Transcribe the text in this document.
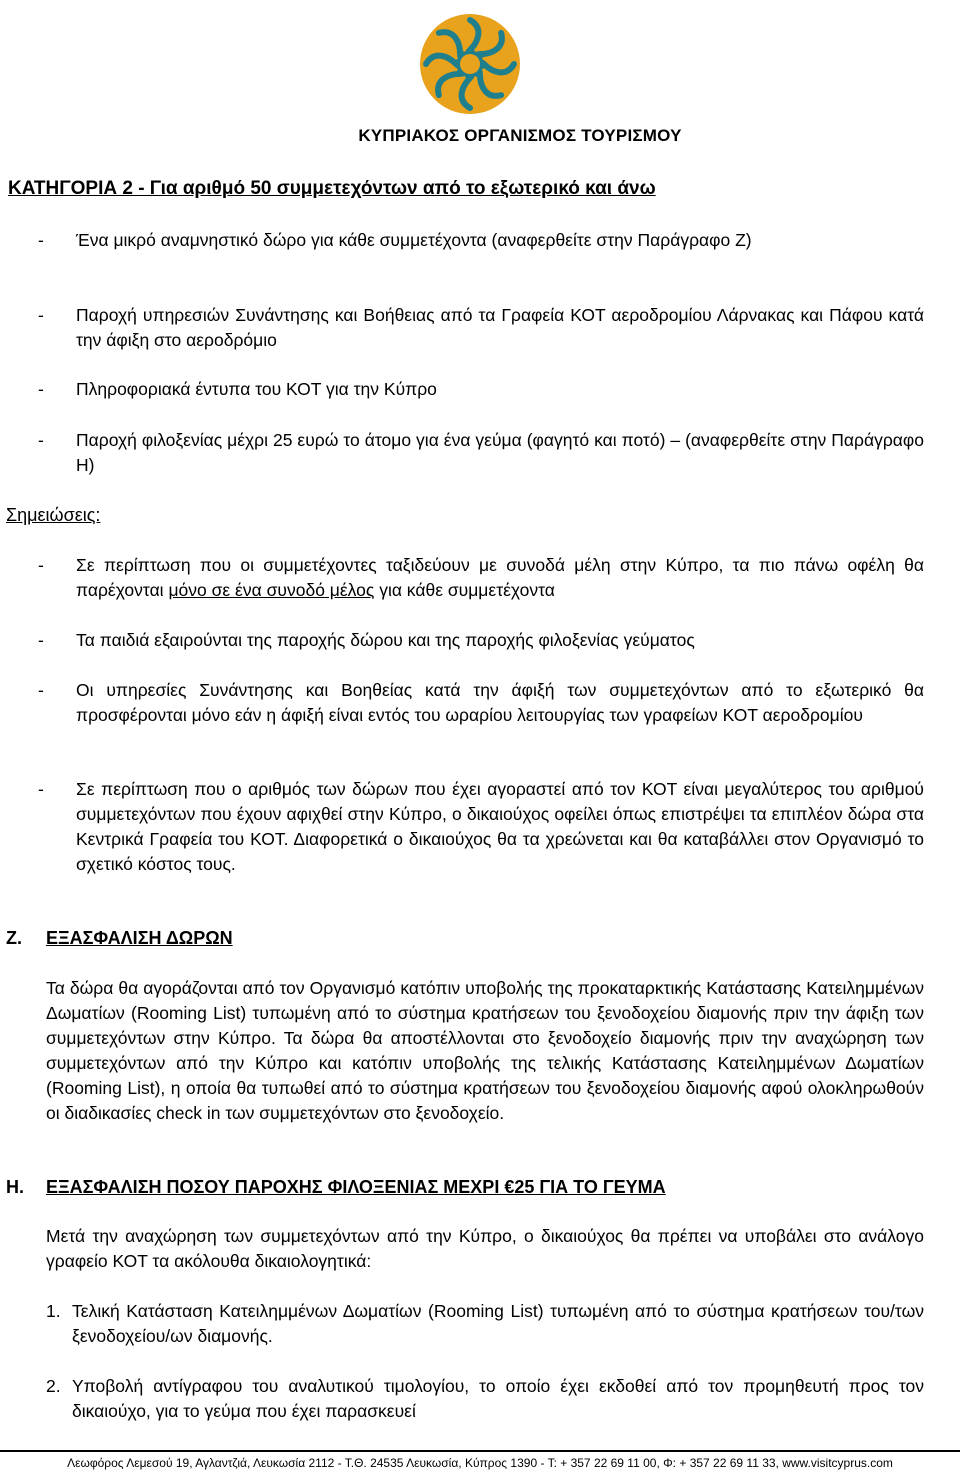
ΚΥΠΡΙΑΚΟΣ ΟΡΓΑΝΙΣΜΟΣ ΤΟΥΡΙΣΜΟΥ
ΚΑΤΗΓΟΡΙΑ 2 - Για αριθμό 50 συμμετεχόντων από το εξωτερικό και άνω
- Ένα μικρό αναμνηστικό δώρο για κάθε συμμετέχοντα (αναφερθείτε στην Παράγραφο Ζ)
- Παροχή υπηρεσιών Συνάντησης και Βοήθειας από τα Γραφεία ΚΟΤ αεροδρομίου Λάρνακας και Πάφου κατά την άφιξη στο αεροδρόμιο
- Πληροφοριακά έντυπα του ΚΟΤ για την Κύπρο
- Παροχή φιλοξενίας μέχρι 25 ευρώ το άτομο για ένα γεύμα (φαγητό και ποτό) – (αναφερθείτε στην Παράγραφο Η)
Σημειώσεις:
- Σε περίπτωση που οι συμμετέχοντες ταξιδεύουν με συνοδά μέλη στην Κύπρο, τα πιο πάνω οφέλη θα παρέχονται μόνο σε ένα συνοδό μέλος για κάθε συμμετέχοντα
- Τα παιδιά εξαιρούνται της παροχής δώρου και της παροχής φιλοξενίας γεύματος
- Οι υπηρεσίες Συνάντησης και Βοηθείας κατά την άφιξή των συμμετεχόντων από το εξωτερικό θα προσφέρονται μόνο εάν η άφιξή είναι εντός του ωραρίου λειτουργίας των γραφείων ΚΟΤ αεροδρομίου
- Σε περίπτωση που ο αριθμός των δώρων που έχει αγοραστεί από τον ΚΟΤ είναι μεγαλύτερος του αριθμού συμμετεχόντων που έχουν αφιχθεί στην Κύπρο, ο δικαιούχος οφείλει όπως επιστρέψει τα επιπλέον δώρα στα Κεντρικά Γραφεία του ΚΟΤ. Διαφορετικά ο δικαιούχος θα τα χρεώνεται και θα καταβάλλει στον Οργανισμό το σχετικό κόστος τους.
Ζ. ΕΞΑΣΦΑΛΙΣΗ ΔΩΡΩΝ
Τα δώρα θα αγοράζονται από τον Οργανισμό κατόπιν υποβολής της προκαταρκτικής Κατάστασης Κατειλημμένων Δωματίων (Rooming List) τυπωμένη από το σύστημα κρατήσεων του ξενοδοχείου διαμονής πριν την άφιξη των συμμετεχόντων στην Κύπρο. Τα δώρα θα αποστέλλονται στο ξενοδοχείο διαμονής πριν την αναχώρηση των συμμετεχόντων από την Κύπρο και κατόπιν υποβολής της τελικής Κατάστασης Κατειλημμένων Δωματίων (Rooming List), η οποία θα τυπωθεί από το σύστημα κρατήσεων του ξενοδοχείου διαμονής αφού ολοκληρωθούν οι διαδικασίες check in των συμμετεχόντων στο ξενοδοχείο.
Η. ΕΞΑΣΦΑΛΙΣΗ ΠΟΣΟΥ ΠΑΡΟΧΗΣ ΦΙΛΟΞΕΝΙΑΣ ΜΕΧΡΙ €25 ΓΙΑ ΤΟ ΓΕΥΜΑ
Μετά την αναχώρηση των συμμετεχόντων από την Κύπρο, ο δικαιούχος θα πρέπει να υποβάλει στο ανάλογο γραφείο ΚΟΤ τα ακόλουθα δικαιολογητικά:
1. Τελική Κατάσταση Κατειλημμένων Δωματίων (Rooming List) τυπωμένη από το σύστημα κρατήσεων του/των ξενοδοχείου/ων διαμονής.
2. Υποβολή αντίγραφου του αναλυτικού τιμολογίου, το οποίο έχει εκδοθεί από τον προμηθευτή προς τον δικαιούχο, για το γεύμα που έχει παρασκευεί
Λεωφόρος Λεμεσού 19, Αγλαντζιά, Λευκωσία 2112 - Τ.Θ. 24535 Λευκωσία, Κύπρος 1390 - Τ: + 357 22 69 11 00, Φ: + 357 22 69 11 33, www.visitcyprus.com
